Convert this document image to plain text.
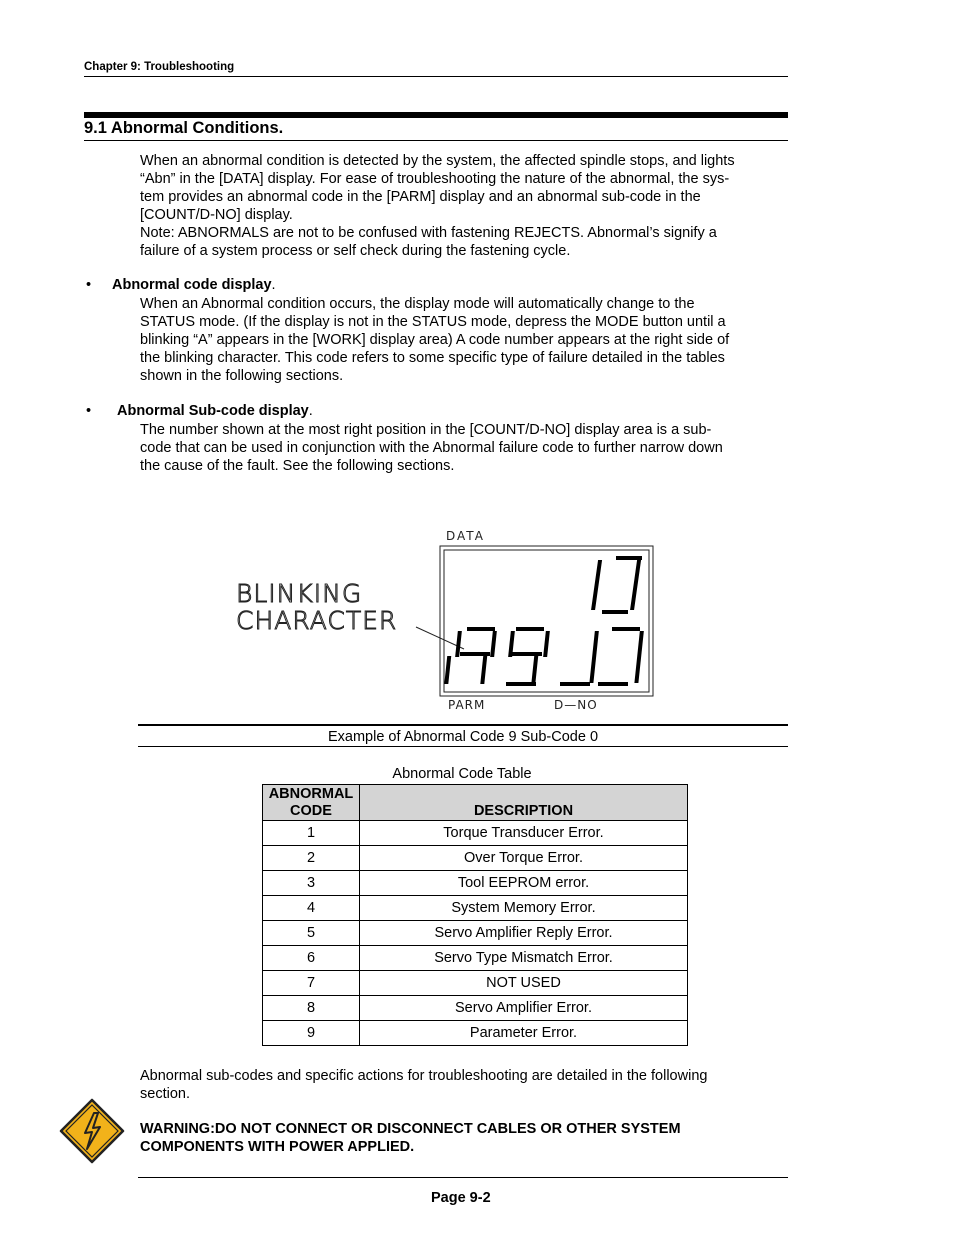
Chapter 9: Troubleshooting
9.1 Abnormal Conditions.

When an abnormal condition is detected by the system, the affected spindle stops, and lights

“Abn” in the [DATA] display. For ease of troubleshooting the nature of the abnormal, the sys-

tem provides an abnormal code in the [PARM] display and an abnormal sub-code in the

[COUNT/D-NO] display.

Note: ABNORMALS are not to be confused with fastening REJECTS. Abnormal’s signify a

failure of a system process or self check during the fastening cycle.

• Abnormal code display.

When an Abnormal condition occurs, the display mode will automatically change to the

STATUS mode. (If the display is not in the STATUS mode, depress the MODE button until a

blinking “A” appears in the [WORK] display area) A code number appears at the right side of

the blinking character. This code refers to some specific type of failure detailed in the tables

shown in the following sections.

• Abnormal Sub-code display.

The number shown at the most right position in the [COUNT/D-NO] display area is a sub-

code that can be used in conjunction with the Abnormal failure code to further narrow down

the cause of the fault. See the following sections.

DATA
BLINKING
CHARACTER
PARM	D—NO
Example of Abnormal Code 9 Sub-Code 0
Abnormal Code Table
ABNORMAL
CODE	DESCRIPTION
1	Torque Transducer Error.
2	Over Torque Error.
3	Tool EEPROM error.
4	System Memory Error.
5	Servo Amplifier Reply Error.
6	Servo Type Mismatch Error.
7	NOT USED
8	Servo Amplifier Error.
9	Parameter Error.

Abnormal sub-codes and specific actions for troubleshooting are detailed in the following

section.

WARNING:DO NOT CONNECT OR DISCONNECT CABLES OR OTHER SYSTEM
COMPONENTS WITH POWER APPLIED.
Page 9-2
